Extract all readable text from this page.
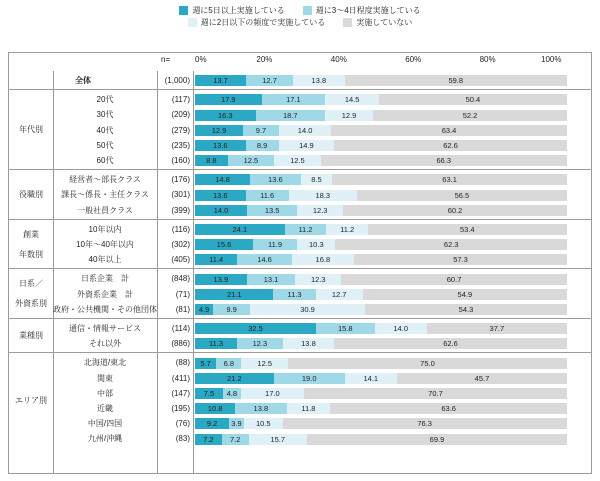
週に5日以上実施している	週に3～4日程度実施している
週に2日以下の頻度で実施している	実施していない
0%	20%	40%	60%	80%	100%
n=
全体	(1,000)	13.7	12.7	13.8	59.8
20代	(117)	17.9	17.1	14.5	50.4
30代	(209)	16.3	18.7	12.9	52.2
40代	(279)	12.9	9.7	14.0	63.4
50代	(235)	13.6	8.9	14.9	62.6
60代	(160)	8.8	12.5	12.5	66.3
年代別
経営者～部長クラス	(176)	14.8	13.6	8.5	63.1
課長～係長・主任クラス	(301)	13.6	11.6	18.3	56.5
一般社員クラス	(399)	14.0	13.5	12.3	60.2
役職別
10年以内	(116)	24.1	11.2	11.2	53.4
10年～40年以内	(302)	15.6	11.9	10.3	62.3
40年以上	(405)	11.4	14.6	16.8	57.3
創業

年数別
日系企業　計	(848)	13.9	13.1	12.3	60.7
外資系企業　計	(71)	21.1	11.3	12.7	54.9
政府・公共機関・その他団体	(81)	4.9	9.9	30.9	54.3
日系／

外資系別
通信・情報サービス	(114)	32.5	15.8	14.0	37.7
それ以外	(886)	11.3	12.3	13.8	62.6
業種別
北海道/東北	(88)	5.7	6.8	12.5	75.0
関東	(411)	21.2	19.0	14.1	45.7
中部	(147)	7.5	4.8	17.0	70.7
近畿	(195)	10.8	13.8	11.8	63.6
中国/四国	(76)	9.2	3.9	10.5	76.3
九州/沖縄	(83)	7.2	7.2	15.7	69.9
エリア別
